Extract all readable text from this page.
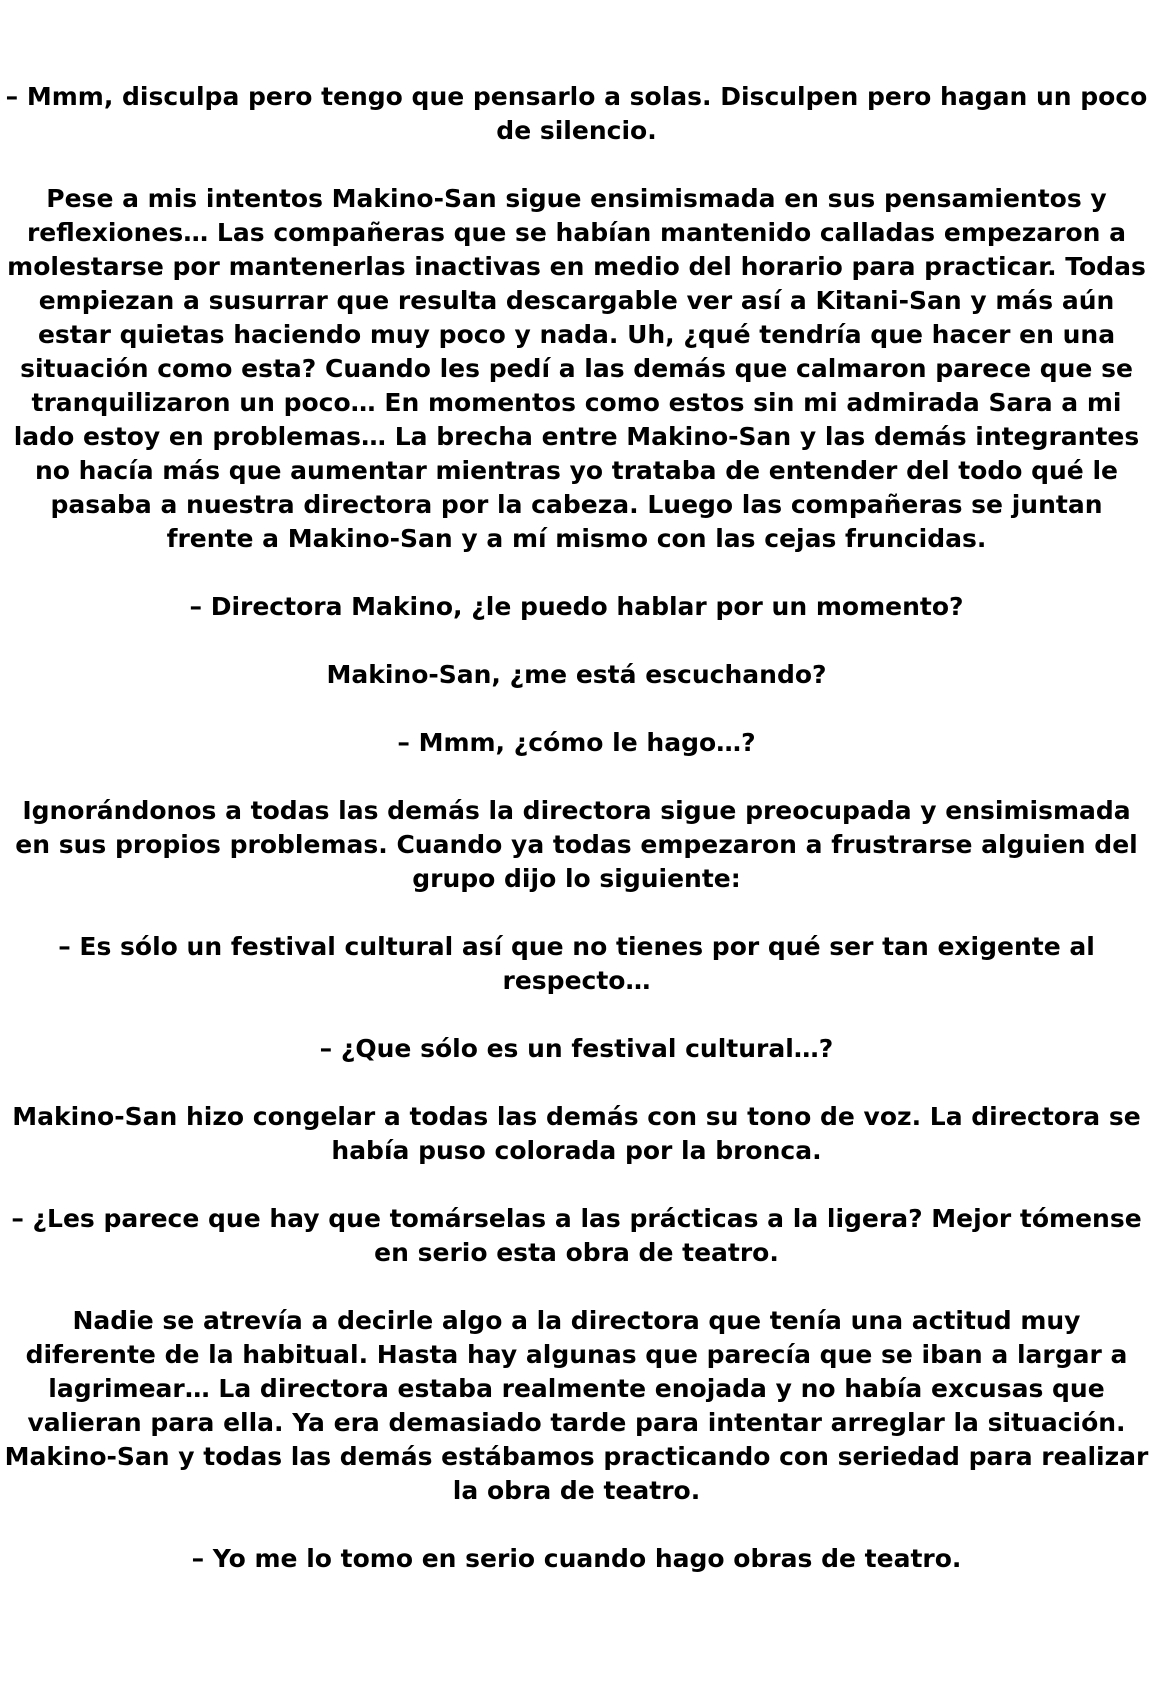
– Mmm, disculpa pero tengo que pensarlo a solas. Disculpen pero hagan un poco de silencio.

Pese a mis intentos Makino-San sigue ensimismada en sus pensamientos y reflexiones… Las compañeras que se habían mantenido calladas empezaron a molestarse por mantenerlas inactivas en medio del horario para practicar. Todas empiezan a susurrar que resulta descargable ver así a Kitani-San y más aún estar quietas haciendo muy poco y nada. Uh, ¿qué tendría que hacer en una situación como esta? Cuando les pedí a las demás que calmaron parece que se tranquilizaron un poco… En momentos como estos sin mi admirada Sara a mi lado estoy en problemas… La brecha entre Makino-San y las demás integrantes no hacía más que aumentar mientras yo trataba de entender del todo qué le pasaba a nuestra directora por la cabeza. Luego las compañeras se juntan frente a Makino-San y a mí mismo con las cejas fruncidas.

– Directora Makino, ¿le puedo hablar por un momento?

Makino-San, ¿me está escuchando?

– Mmm, ¿cómo le hago…?

Ignorándonos a todas las demás la directora sigue preocupada y ensimismada en sus propios problemas. Cuando ya todas empezaron a frustrarse alguien del grupo dijo lo siguiente:

– Es sólo un festival cultural así que no tienes por qué ser tan exigente al respecto…

– ¿Que sólo es un festival cultural…?

Makino-San hizo congelar a todas las demás con su tono de voz. La directora se había puso colorada por la bronca.

– ¿Les parece que hay que tomárselas a las prácticas a la ligera? Mejor tómense en serio esta obra de teatro.

Nadie se atrevía a decirle algo a la directora que tenía una actitud muy diferente de la habitual. Hasta hay algunas que parecía que se iban a largar a lagrimear… La directora estaba realmente enojada y no había excusas que valieran para ella. Ya era demasiado tarde para intentar arreglar la situación. Makino-San y todas las demás estábamos practicando con seriedad para realizar la obra de teatro.

– Yo me lo tomo en serio cuando hago obras de teatro.
